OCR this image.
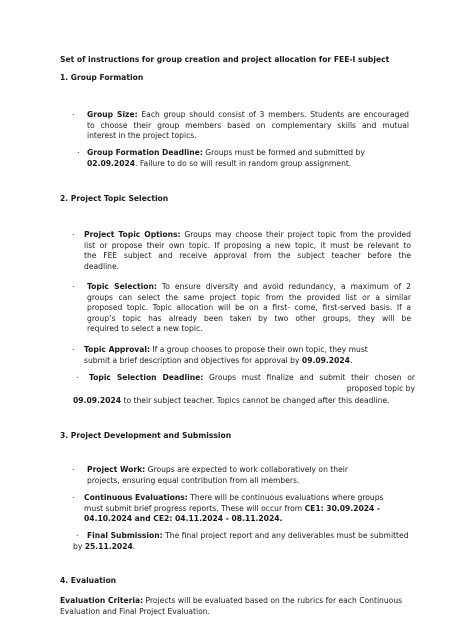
Set of instructions for group creation and project allocation for FEE-I subject
1. Group Formation
. Group Size: Each group should consist of 3 members. Students are encouraged
to choose their group members based on complementary skills and mutual
interest in the project topics.
. Group Formation Deadline: Groups must be formed and submitted by
02.09.2024. Failure to do so will result in random group assignment.
2. Project Topic Selection
. Project Topic Options: Groups may choose their project topic from the provided
list or propose their own topic. If proposing a new topic, it must be relevant to
the FEE subject and receive approval from the subject teacher before the
deadline.
. Topic Selection: To ensure diversity and avoid redundancy, a maximum of 2
groups can select the same project topic from the provided list or a similar
proposed topic. Topic allocation will be on a first- come, first-served basis. If a
group’s topic has already been taken by two other groups, they will be
required to select a new topic.
. Topic Approval: If a group chooses to propose their own topic, they must
submit a brief description and objectives for approval by 09.09.2024.
. Topic Selection Deadline: Groups must finalize and submit their chosen or
proposed topic by
09.09.2024 to their subject teacher. Topics cannot be changed after this deadline.
3. Project Development and Submission
. Project Work: Groups are expected to work collaboratively on their
projects, ensuring equal contribution from all members.
. Continuous Evaluations: There will be continuous evaluations where groups
must submit brief progress reports. These will occur from CE1: 30.09.2024 -
04.10.2024 and CE2: 04.11.2024 - 08.11.2024.
. Final Submission: The final project report and any deliverables must be submitted
by 25.11.2024.
4. Evaluation
Evaluation Criteria: Projects will be evaluated based on the rubrics for each Continuous
Evaluation and Final Project Evaluation.
